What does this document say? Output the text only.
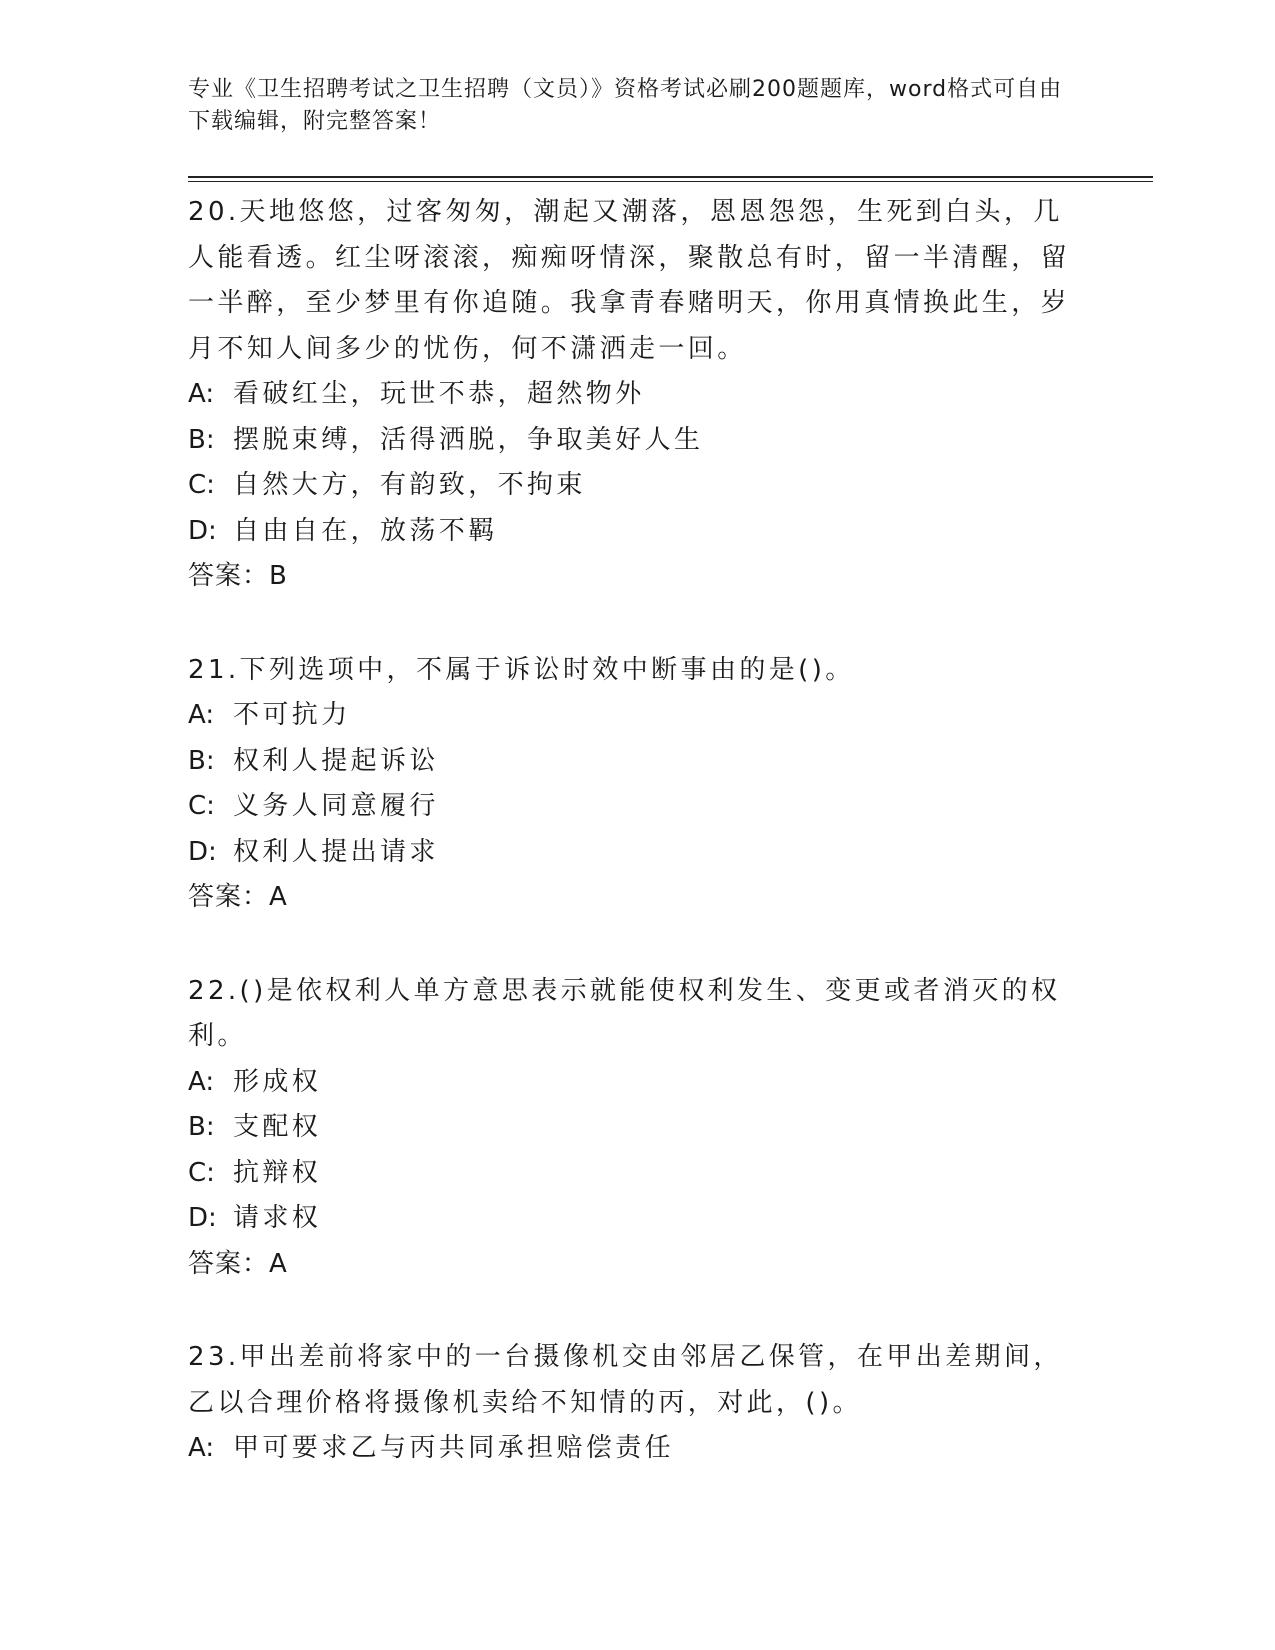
专业《卫生招聘考试之卫生招聘（文员）》资格考试必刷200题题库，word格式可自由下载编辑，附完整答案！
20.天地悠悠，过客匆匆，潮起又潮落，恩恩怨怨，生死到白头，几人能看透。红尘呀滚滚，痴痴呀情深，聚散总有时，留一半清醒，留一半醉，至少梦里有你追随。我拿青春赌明天，你用真情换此生，岁月不知人间多少的忧伤，何不潇洒走一回。
A: 看破红尘，玩世不恭，超然物外
B: 摆脱束缚，活得洒脱，争取美好人生
C: 自然大方，有韵致，不拘束
D: 自由自在，放荡不羁
答案：B
21.下列选项中，不属于诉讼时效中断事由的是()。
A: 不可抗力
B: 权利人提起诉讼
C: 义务人同意履行
D: 权利人提出请求
答案：A
22.()是依权利人单方意思表示就能使权利发生、变更或者消灭的权利。
A: 形成权
B: 支配权
C: 抗辩权
D: 请求权
答案：A
23.甲出差前将家中的一台摄像机交由邻居乙保管，在甲出差期间，乙以合理价格将摄像机卖给不知情的丙，对此，()。
A: 甲可要求乙与丙共同承担赔偿责任
